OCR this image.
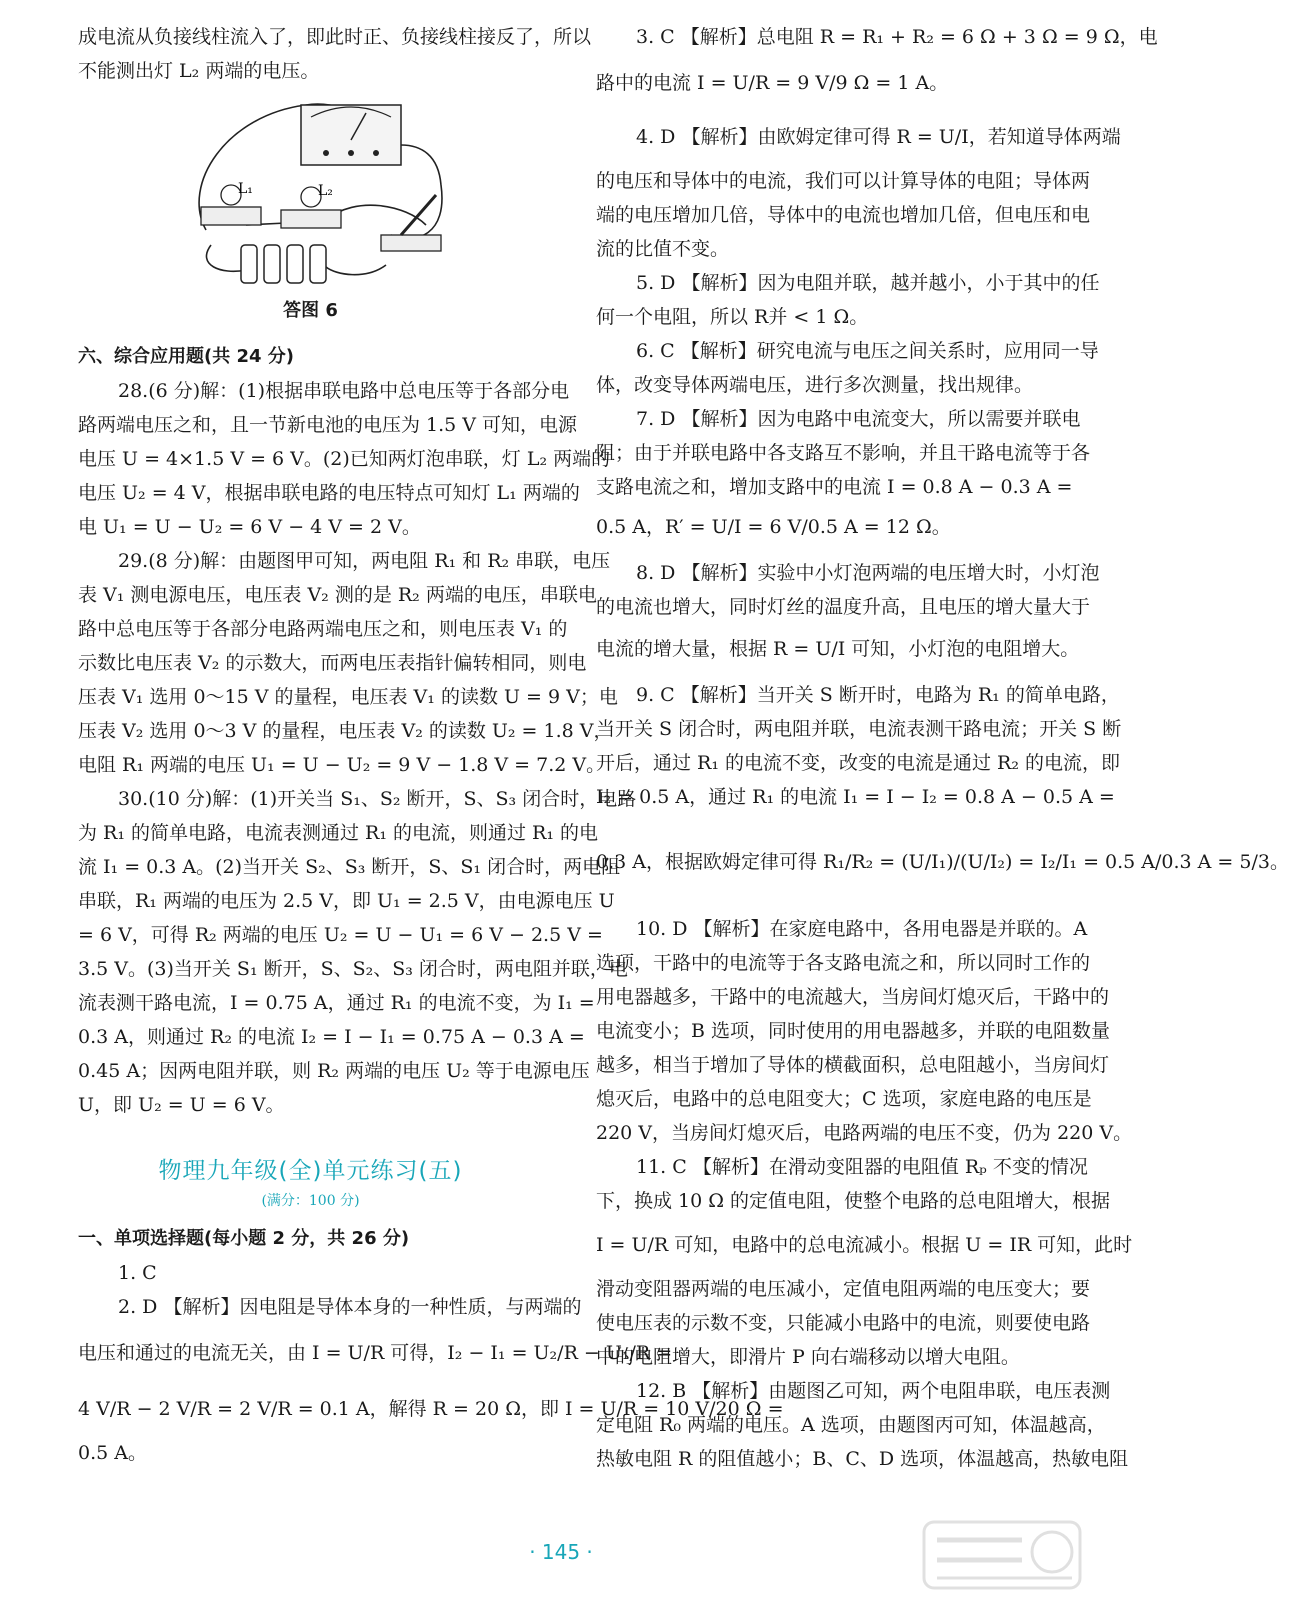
成电流从负接线柱流入了，即此时正、负接线柱接反了，所以
不能测出灯 L₂ 两端的电压。
L₁	L₂
答图 6
六、综合应用题(共 24 分)
28.(6 分)解：(1)根据串联电路中总电压等于各部分电
路两端电压之和，且一节新电池的电压为 1.5 V 可知，电源
电压 U = 4×1.5 V = 6 V。(2)已知两灯泡串联，灯 L₂ 两端的
电压 U₂ = 4 V，根据串联电路的电压特点可知灯 L₁ 两端的
电 U₁ = U − U₂ = 6 V − 4 V = 2 V。
29.(8 分)解：由题图甲可知，两电阻 R₁ 和 R₂ 串联，电压
表 V₁ 测电源电压，电压表 V₂ 测的是 R₂ 两端的电压，串联电
路中总电压等于各部分电路两端电压之和，则电压表 V₁ 的
示数比电压表 V₂ 的示数大，而两电压表指针偏转相同，则电
压表 V₁ 选用 0～15 V 的量程，电压表 V₁ 的读数 U = 9 V；电
压表 V₂ 选用 0～3 V 的量程，电压表 V₂ 的读数 U₂ = 1.8 V，
电阻 R₁ 两端的电压 U₁ = U − U₂ = 9 V − 1.8 V = 7.2 V。
30.(10 分)解：(1)开关当 S₁、S₂ 断开，S、S₃ 闭合时，电路
为 R₁ 的简单电路，电流表测通过 R₁ 的电流，则通过 R₁ 的电
流 I₁ = 0.3 A。(2)当开关 S₂、S₃ 断开，S、S₁ 闭合时，两电阻
串联，R₁ 两端的电压为 2.5 V，即 U₁ = 2.5 V，由电源电压 U
= 6 V，可得 R₂ 两端的电压 U₂ = U − U₁ = 6 V − 2.5 V =
3.5 V。(3)当开关 S₁ 断开，S、S₂、S₃ 闭合时，两电阻并联，电
流表测干路电流，I = 0.75 A，通过 R₁ 的电流不变，为 I₁ =
0.3 A，则通过 R₂ 的电流 I₂ = I − I₁ = 0.75 A − 0.3 A =
0.45 A；因两电阻并联，则 R₂ 两端的电压 U₂ 等于电源电压
U，即 U₂ = U = 6 V。
物理九年级(全)单元练习(五)
(满分：100 分)
一、单项选择题(每小题 2 分，共 26 分)
1. C
2. D 【解析】因电阻是导体本身的一种性质，与两端的
电压和通过的电流无关，由 I = U/R 可得，I₂ − I₁ = U₂/R − U₁/R =
4 V/R − 2 V/R = 2 V/R = 0.1 A，解得 R = 20 Ω，即 I = U/R = 10 V/20 Ω =
0.5 A。
3. C 【解析】总电阻 R = R₁ + R₂ = 6 Ω + 3 Ω = 9 Ω，电
路中的电流 I = U/R = 9 V/9 Ω = 1 A。
4. D 【解析】由欧姆定律可得 R = U/I，若知道导体两端
的电压和导体中的电流，我们可以计算导体的电阻；导体两
端的电压增加几倍，导体中的电流也增加几倍，但电压和电
流的比值不变。
5. D 【解析】因为电阻并联，越并越小，小于其中的任
何一个电阻，所以 R并 < 1 Ω。
6. C 【解析】研究电流与电压之间关系时，应用同一导
体，改变导体两端电压，进行多次测量，找出规律。
7. D 【解析】因为电路中电流变大，所以需要并联电
阻；由于并联电路中各支路互不影响，并且干路电流等于各
支路电流之和，增加支路中的电流 I = 0.8 A − 0.3 A =
0.5 A，R′ = U/I = 6 V/0.5 A = 12 Ω。
8. D 【解析】实验中小灯泡两端的电压增大时，小灯泡
的电流也增大，同时灯丝的温度升高，且电压的增大量大于
电流的增大量，根据 R = U/I 可知，小灯泡的电阻增大。
9. C 【解析】当开关 S 断开时，电路为 R₁ 的简单电路，
当开关 S 闭合时，两电阻并联，电流表测干路电流；开关 S 断
开后，通过 R₁ 的电流不变，改变的电流是通过 R₂ 的电流，即
I₂ = 0.5 A，通过 R₁ 的电流 I₁ = I − I₂ = 0.8 A − 0.5 A =
0.3 A，根据欧姆定律可得 R₁/R₂ = (U/I₁)/(U/I₂) = I₂/I₁ = 0.5 A/0.3 A = 5/3。
10. D 【解析】在家庭电路中，各用电器是并联的。A
选项，干路中的电流等于各支路电流之和，所以同时工作的
用电器越多，干路中的电流越大，当房间灯熄灭后，干路中的
电流变小；B 选项，同时使用的用电器越多，并联的电阻数量
越多，相当于增加了导体的横截面积，总电阻越小，当房间灯
熄灭后，电路中的总电阻变大；C 选项，家庭电路的电压是
220 V，当房间灯熄灭后，电路两端的电压不变，仍为 220 V。
11. C 【解析】在滑动变阻器的电阻值 Rₚ 不变的情况
下，换成 10 Ω 的定值电阻，使整个电路的总电阻增大，根据
I = U/R 可知，电路中的总电流减小。根据 U = IR 可知，此时
滑动变阻器两端的电压减小，定值电阻两端的电压变大；要
使电压表的示数不变，只能减小电路中的电流，则要使电路
中的电阻增大，即滑片 P 向右端移动以增大电阻。
12. B 【解析】由题图乙可知，两个电阻串联，电压表测
定电阻 R₀ 两端的电压。A 选项，由题图丙可知，体温越高，
热敏电阻 R 的阻值越小；B、C、D 选项，体温越高，热敏电阻
· 145 ·
